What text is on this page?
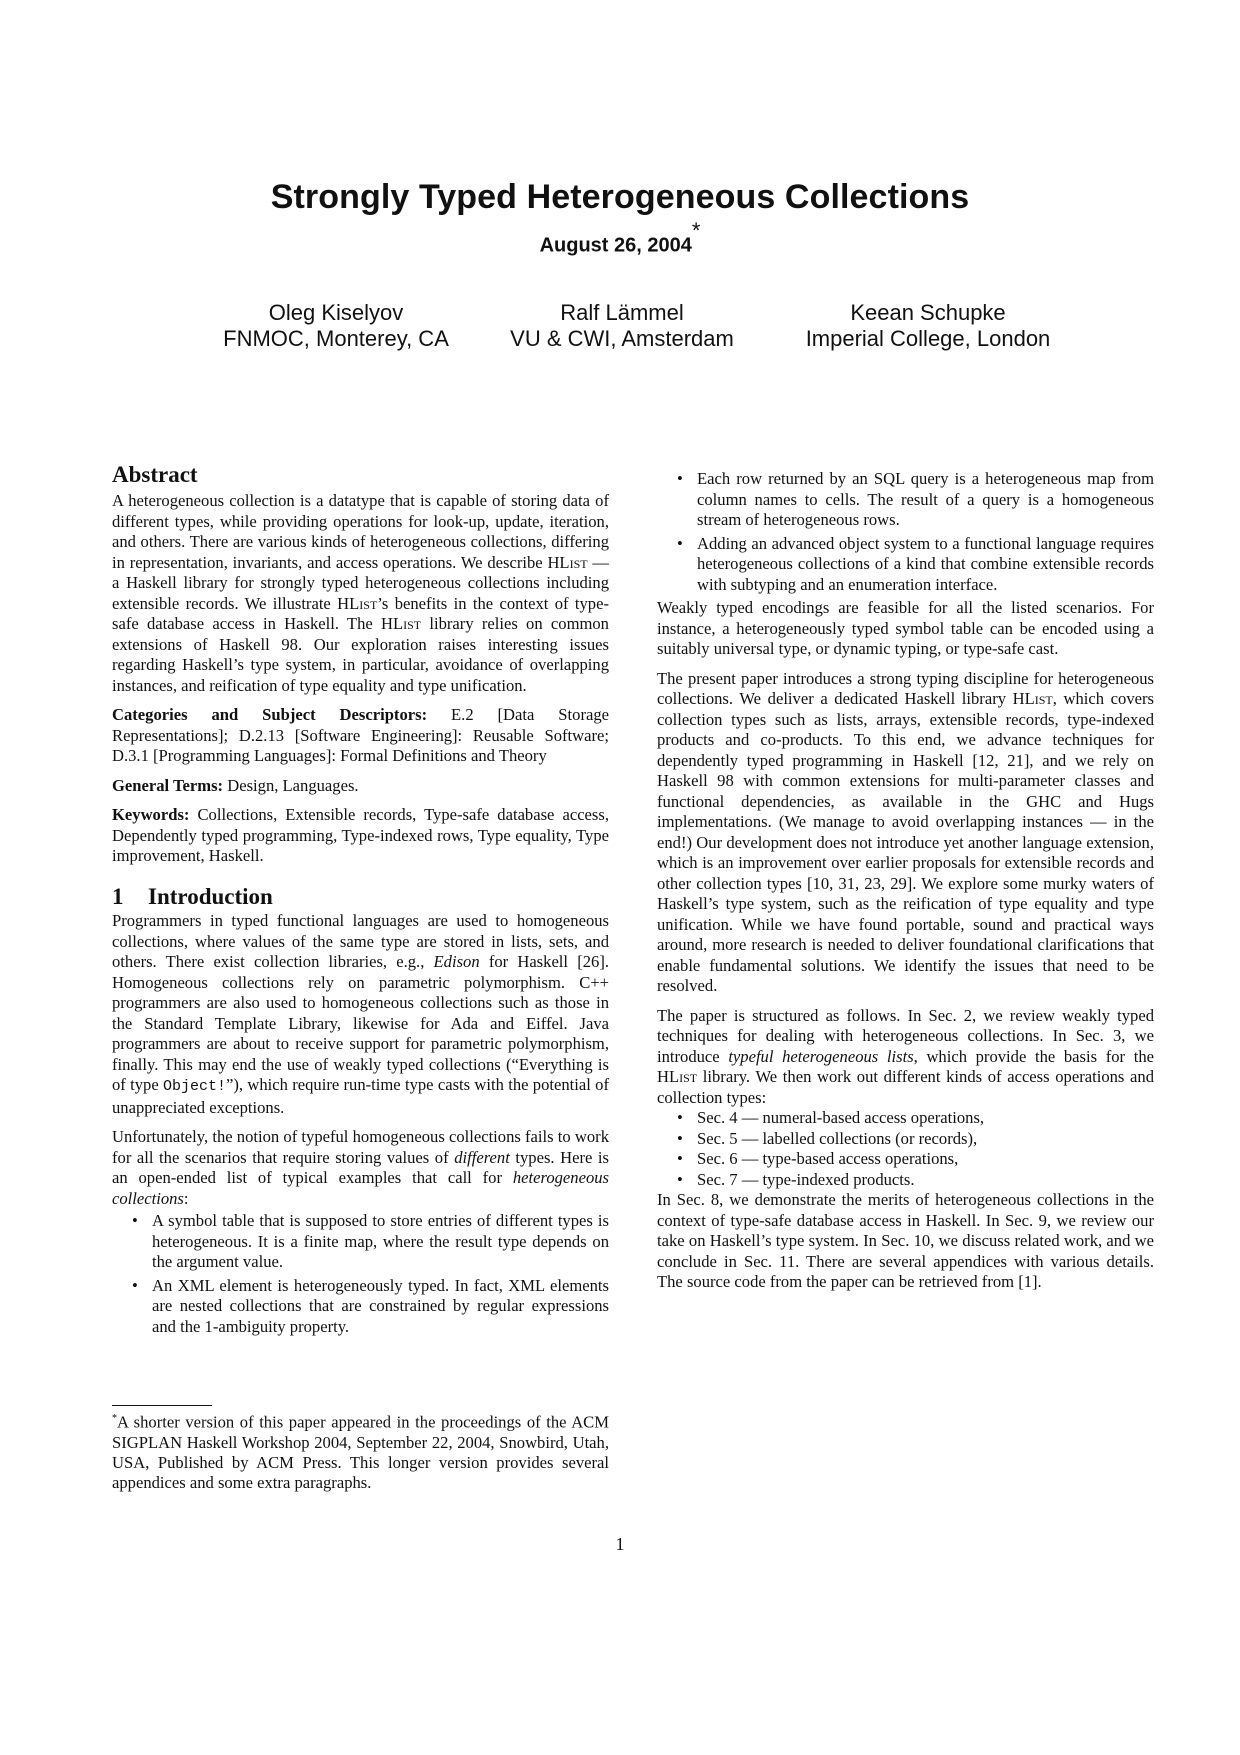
Strongly Typed Heterogeneous Collections
August 26, 2004*
Oleg Kiselyov
FNMOC, Monterey, CA
Ralf Lämmel
VU & CWI, Amsterdam
Keean Schupke
Imperial College, London
Abstract

A heterogeneous collection is a datatype that is capable of storing data of different types, while providing operations for look-up, update, iteration, and others. There are various kinds of heterogeneous collections, differing in representation, invariants, and access operations. We describe HList — a Haskell library for strongly typed heterogeneous collections including extensible records. We illustrate HList’s benefits in the context of type-safe database access in Haskell. The HList library relies on common extensions of Haskell 98. Our exploration raises interesting issues regarding Haskell’s type system, in particular, avoidance of overlapping instances, and reification of type equality and type unification.

Categories and Subject Descriptors: E.2 [Data Storage Representations]; D.2.13 [Software Engineering]: Reusable Software; D.3.1 [Programming Languages]: Formal Definitions and Theory

General Terms: Design, Languages.

Keywords: Collections, Extensible records, Type-safe database access, Dependently typed programming, Type-indexed rows, Type equality, Type improvement, Haskell.

1 Introduction

Programmers in typed functional languages are used to homogeneous collections, where values of the same type are stored in lists, sets, and others. There exist collection libraries, e.g., Edison for Haskell [26]. Homogeneous collections rely on parametric polymorphism. C++ programmers are also used to homogeneous collections such as those in the Standard Template Library, likewise for Ada and Eiffel. Java programmers are about to receive support for parametric polymorphism, finally. This may end the use of weakly typed collections (“Everything is of type Object!”), which require run-time type casts with the potential of unappreciated exceptions.

Unfortunately, the notion of typeful homogeneous collections fails to work for all the scenarios that require storing values of different types. Here is an open-ended list of typical examples that call for heterogeneous collections:

• A symbol table that is supposed to store entries of different types is heterogeneous. It is a finite map, where the result type depends on the argument value.
• An XML element is heterogeneously typed. In fact, XML elements are nested collections that are constrained by regular expressions and the 1-ambiguity property.
• Each row returned by an SQL query is a heterogeneous map from column names to cells. The result of a query is a homogeneous stream of heterogeneous rows.
• Adding an advanced object system to a functional language requires heterogeneous collections of a kind that combine extensible records with subtyping and an enumeration interface.

Weakly typed encodings are feasible for all the listed scenarios. For instance, a heterogeneously typed symbol table can be encoded using a suitably universal type, or dynamic typing, or type-safe cast.

The present paper introduces a strong typing discipline for heterogeneous collections. We deliver a dedicated Haskell library HList, which covers collection types such as lists, arrays, extensible records, type-indexed products and co-products. To this end, we advance techniques for dependently typed programming in Haskell [12, 21], and we rely on Haskell 98 with common extensions for multi-parameter classes and functional dependencies, as available in the GHC and Hugs implementations. (We manage to avoid overlapping instances — in the end!) Our development does not introduce yet another language extension, which is an improvement over earlier proposals for extensible records and other collection types [10, 31, 23, 29]. We explore some murky waters of Haskell’s type system, such as the reification of type equality and type unification. While we have found portable, sound and practical ways around, more research is needed to deliver foundational clarifications that enable fundamental solutions. We identify the issues that need to be resolved.

The paper is structured as follows. In Sec. 2, we review weakly typed techniques for dealing with heterogeneous collections. In Sec. 3, we introduce typeful heterogeneous lists, which provide the basis for the HList library. We then work out different kinds of access operations and collection types:

• Sec. 4 — numeral-based access operations,
• Sec. 5 — labelled collections (or records),
• Sec. 6 — type-based access operations,
• Sec. 7 — type-indexed products.

In Sec. 8, we demonstrate the merits of heterogeneous collections in the context of type-safe database access in Haskell. In Sec. 9, we review our take on Haskell’s type system. In Sec. 10, we discuss related work, and we conclude in Sec. 11. There are several appendices with various details. The source code from the paper can be retrieved from [1].

*A shorter version of this paper appeared in the proceedings of the ACM SIGPLAN Haskell Workshop 2004, September 22, 2004, Snowbird, Utah, USA, Published by ACM Press. This longer version provides several appendices and some extra paragraphs.
1
